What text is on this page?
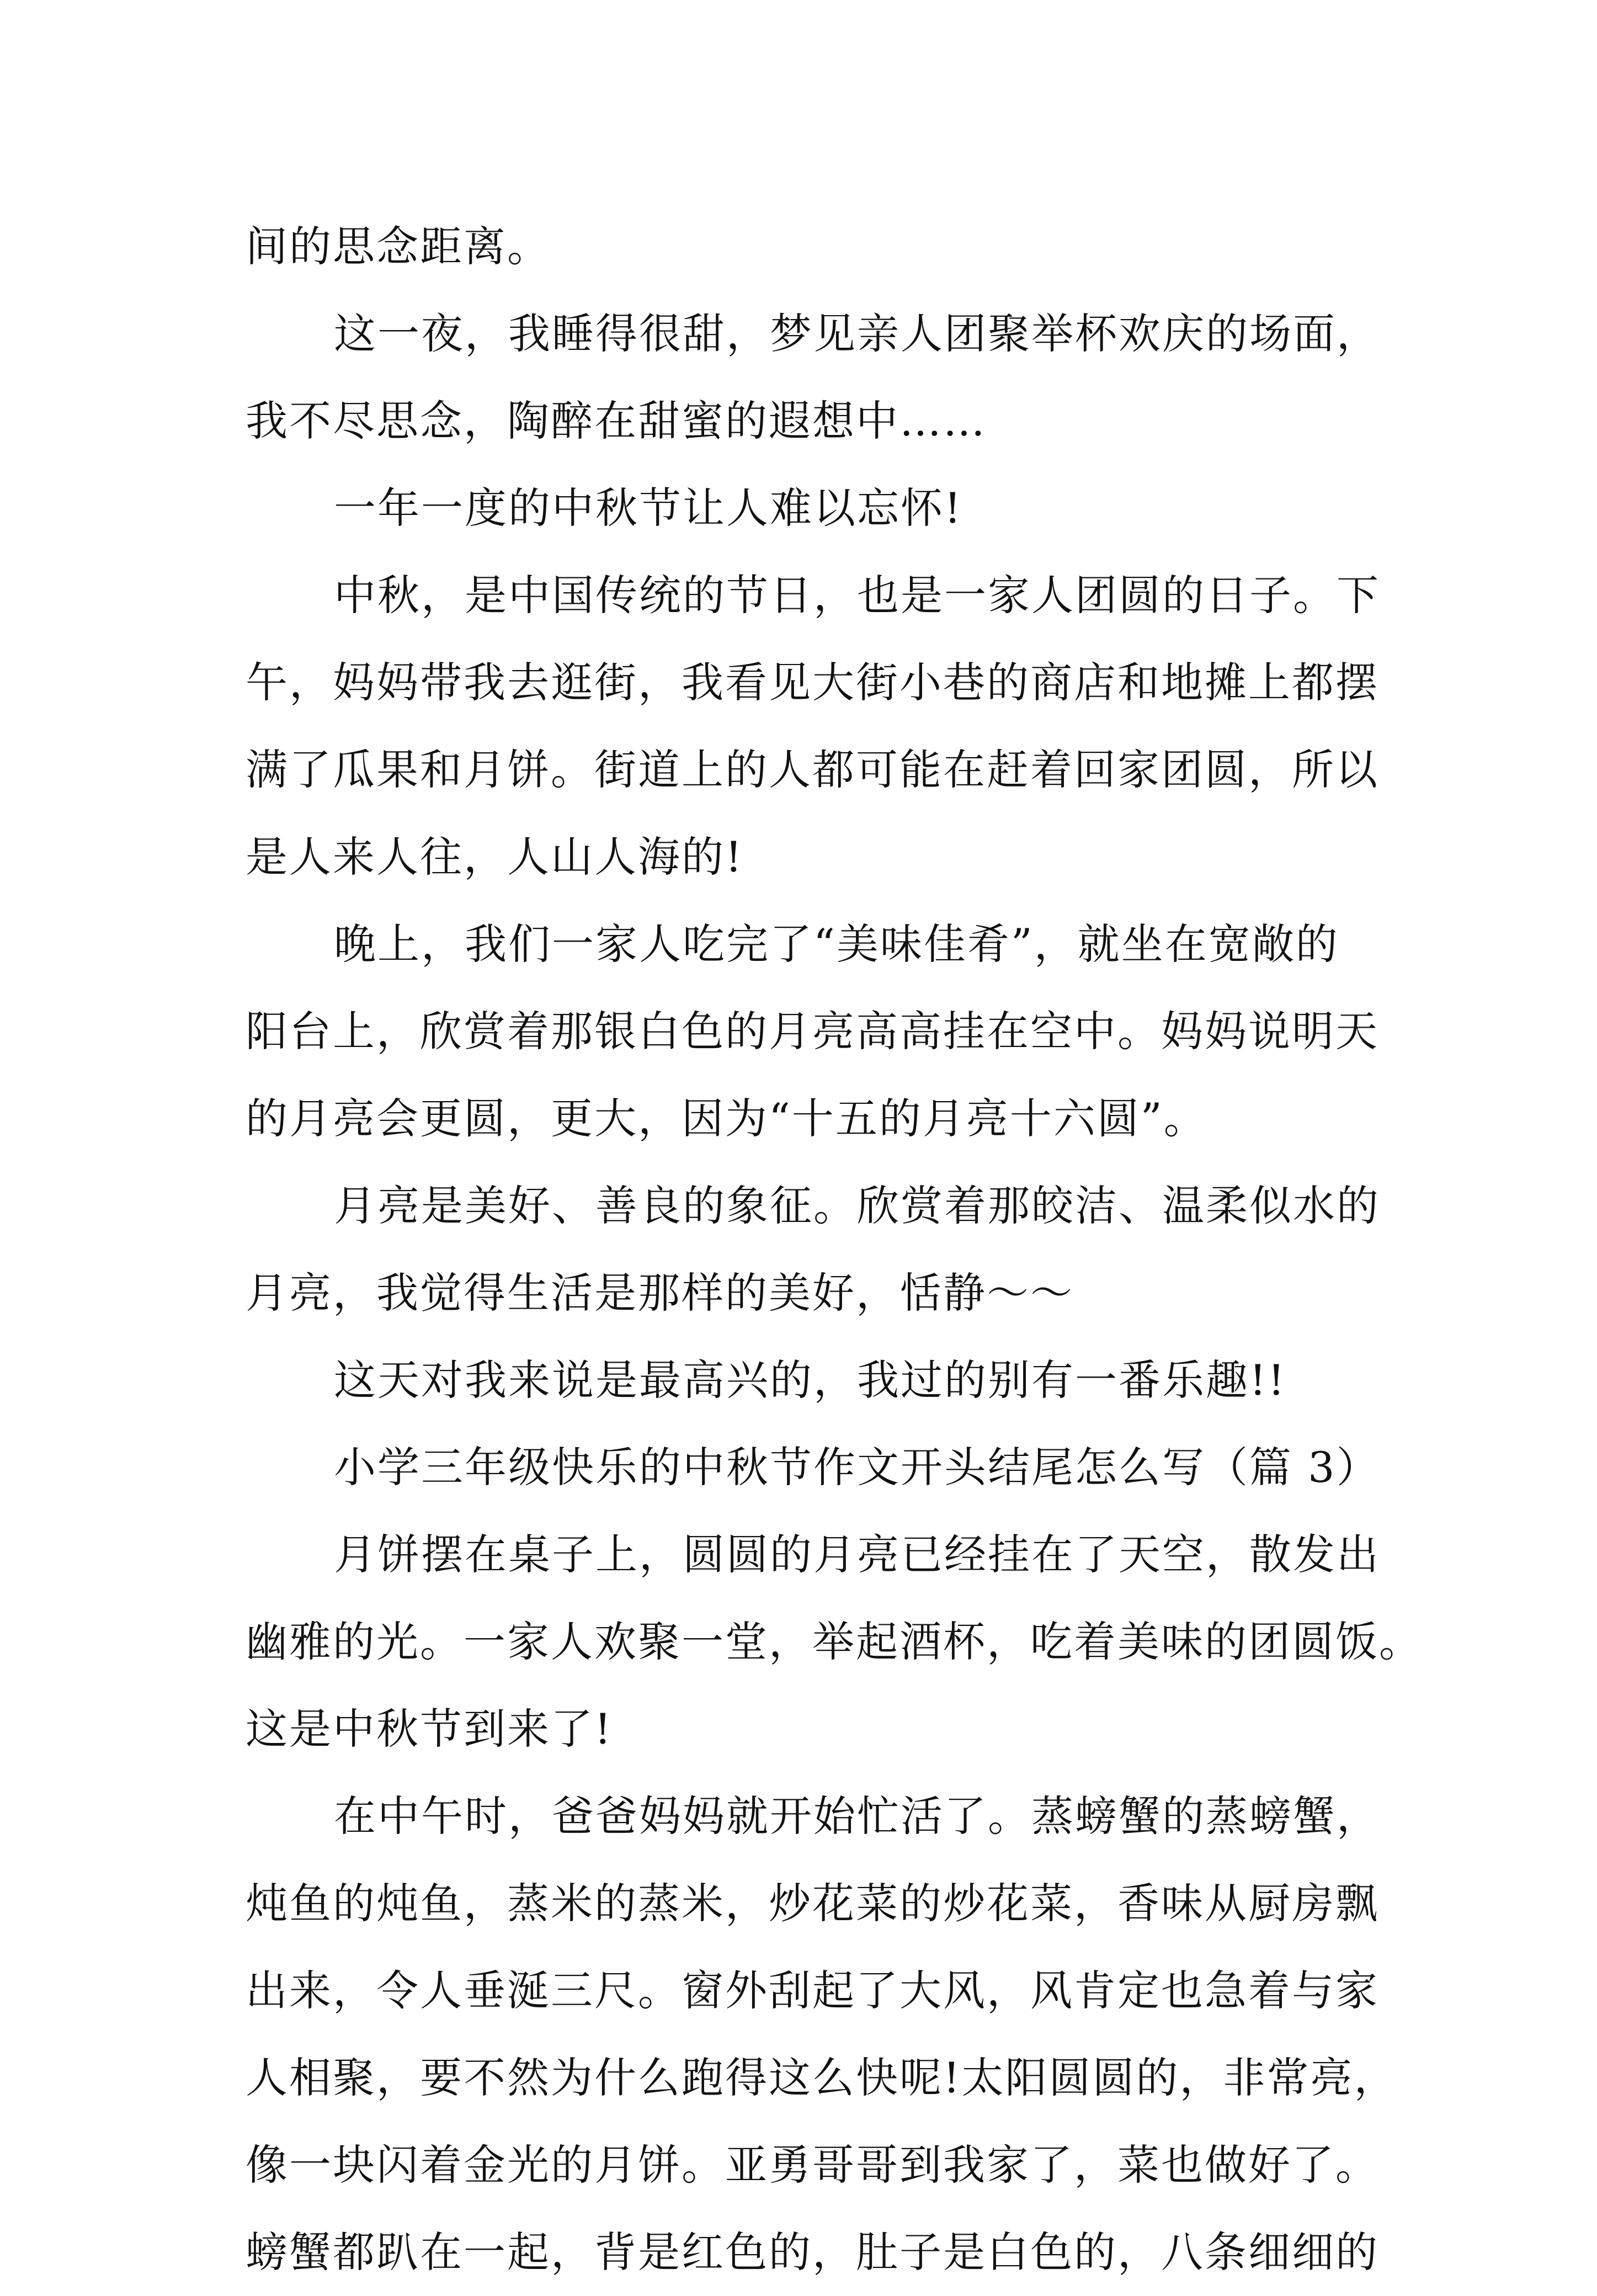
间的思念距离。
这一夜，我睡得很甜，梦见亲人团聚举杯欢庆的场面，
我不尽思念，陶醉在甜蜜的遐想中……
一年一度的中秋节让人难以忘怀!
中秋，是中国传统的节日，也是一家人团圆的日子。下
午，妈妈带我去逛街，我看见大街小巷的商店和地摊上都摆
满了瓜果和月饼。街道上的人都可能在赶着回家团圆，所以
是人来人往，人山人海的!
晚上，我们一家人吃完了“美味佳肴”，就坐在宽敞的
阳台上，欣赏着那银白色的月亮高高挂在空中。妈妈说明天
的月亮会更圆，更大，因为“十五的月亮十六圆”。
月亮是美好、善良的象征。欣赏着那皎洁、温柔似水的
月亮，我觉得生活是那样的美好，恬静～～
这天对我来说是最高兴的，我过的别有一番乐趣!!
小学三年级快乐的中秋节作文开头结尾怎么写（篇 3）
月饼摆在桌子上，圆圆的月亮已经挂在了天空，散发出
幽雅的光。一家人欢聚一堂，举起酒杯，吃着美味的团圆饭。
这是中秋节到来了!
在中午时，爸爸妈妈就开始忙活了。蒸螃蟹的蒸螃蟹，
炖鱼的炖鱼，蒸米的蒸米，炒花菜的炒花菜，香味从厨房飘
出来，令人垂涎三尺。窗外刮起了大风，风肯定也急着与家
人相聚，要不然为什么跑得这么快呢!太阳圆圆的，非常亮，
像一块闪着金光的月饼。亚勇哥哥到我家了，菜也做好了。
螃蟹都趴在一起，背是红色的，肚子是白色的，八条细细的
